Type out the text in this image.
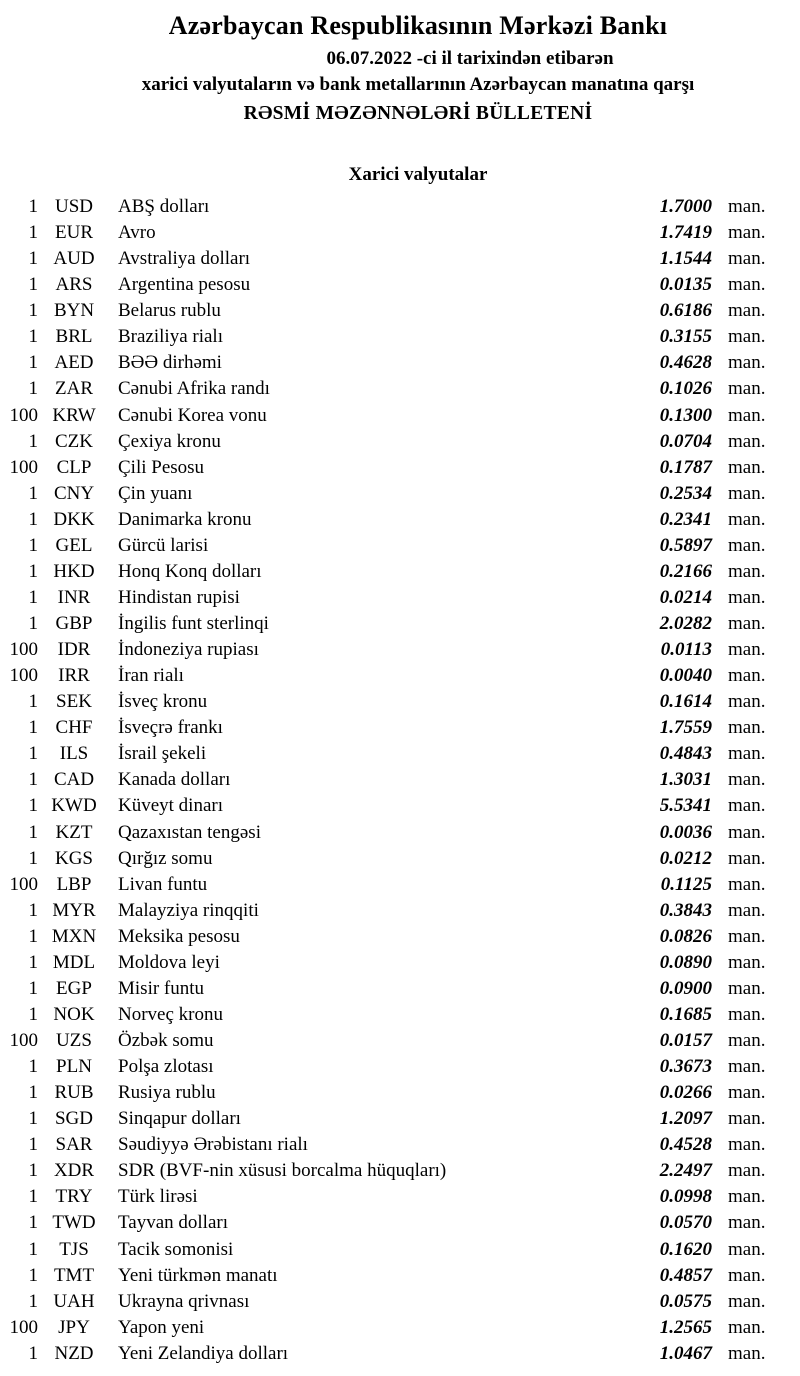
Azərbaycan Respublikasının Mərkəzi Bankı

06.07.2022 -ci il tarixindən etibarən

xarici valyutaların və bank metallarının Azərbaycan manatına qarşı

RƏSMİ MƏZƏNNƏLƏRİ BÜLLETENİ

Xarici valyutalar
1 USD	ABŞ dolları	1.7000 man.
1 EUR	Avro	1.7419 man.
1 AUD	Avstraliya dolları	1.1544 man.
1 ARS	Argentina pesosu	0.0135 man.
1 BYN	Belarus rublu	0.6186 man.
1 BRL	Braziliya rialı	0.3155 man.
1 AED	BƏƏ dirhəmi	0.4628 man.
1 ZAR	Cənubi Afrika randı	0.1026 man.
100 KRW	Cənubi Korea vonu	0.1300 man.
1 CZK	Çexiya kronu	0.0704 man.
100 CLP	Çili Pesosu	0.1787 man.
1 CNY	Çin yuanı	0.2534 man.
1 DKK	Danimarka kronu	0.2341 man.
1 GEL	Gürcü larisi	0.5897 man.
1 HKD	Honq Konq dolları	0.2166 man.
1	INR	Hindistan rupisi	0.0214 man.
1 GBP	İngilis funt sterlinqi	2.0282 man.
100	IDR	İndoneziya rupiası	0.0113 man.
100	IRR	İran rialı	0.0040 man.
1 SEK	İsveç kronu	0.1614 man.
1 CHF	İsveçrə frankı	1.7559 man.
1	ILS	İsrail şekeli	0.4843 man.
1 CAD	Kanada dolları	1.3031 man.
1 KWD	Küveyt dinarı	5.5341 man.
1 KZT	Qazaxıstan tengəsi	0.0036 man.
1 KGS	Qırğız somu	0.0212 man.
100 LBP	Livan funtu	0.1125 man.
1 MYR	Malayziya rinqqiti	0.3843 man.
1 MXN	Meksika pesosu	0.0826 man.
1 MDL	Moldova leyi	0.0890 man.
1 EGP	Misir funtu	0.0900 man.
1 NOK	Norveç kronu	0.1685 man.
100 UZS	Özbək somu	0.0157 man.
1 PLN	Polşa zlotası	0.3673 man.
1 RUB	Rusiya rublu	0.0266 man.
1 SGD	Sinqapur dolları	1.2097 man.
1 SAR	Səudiyyə Ərəbistanı rialı	0.4528 man.
1 XDR	SDR (BVF-nin xüsusi borcalma hüquqları)	2.2497 man.
1 TRY	Türk lirəsi	0.0998 man.
1 TWD	Tayvan dolları	0.0570 man.
1	TJS	Tacik somonisi	0.1620 man.
1 TMT	Yeni türkmən manatı	0.4857 man.
1 UAH	Ukrayna qrivnası	0.0575 man.
100	JPY	Yapon yeni	1.2565 man.
1 NZD	Yeni Zelandiya dolları	1.0467 man.
